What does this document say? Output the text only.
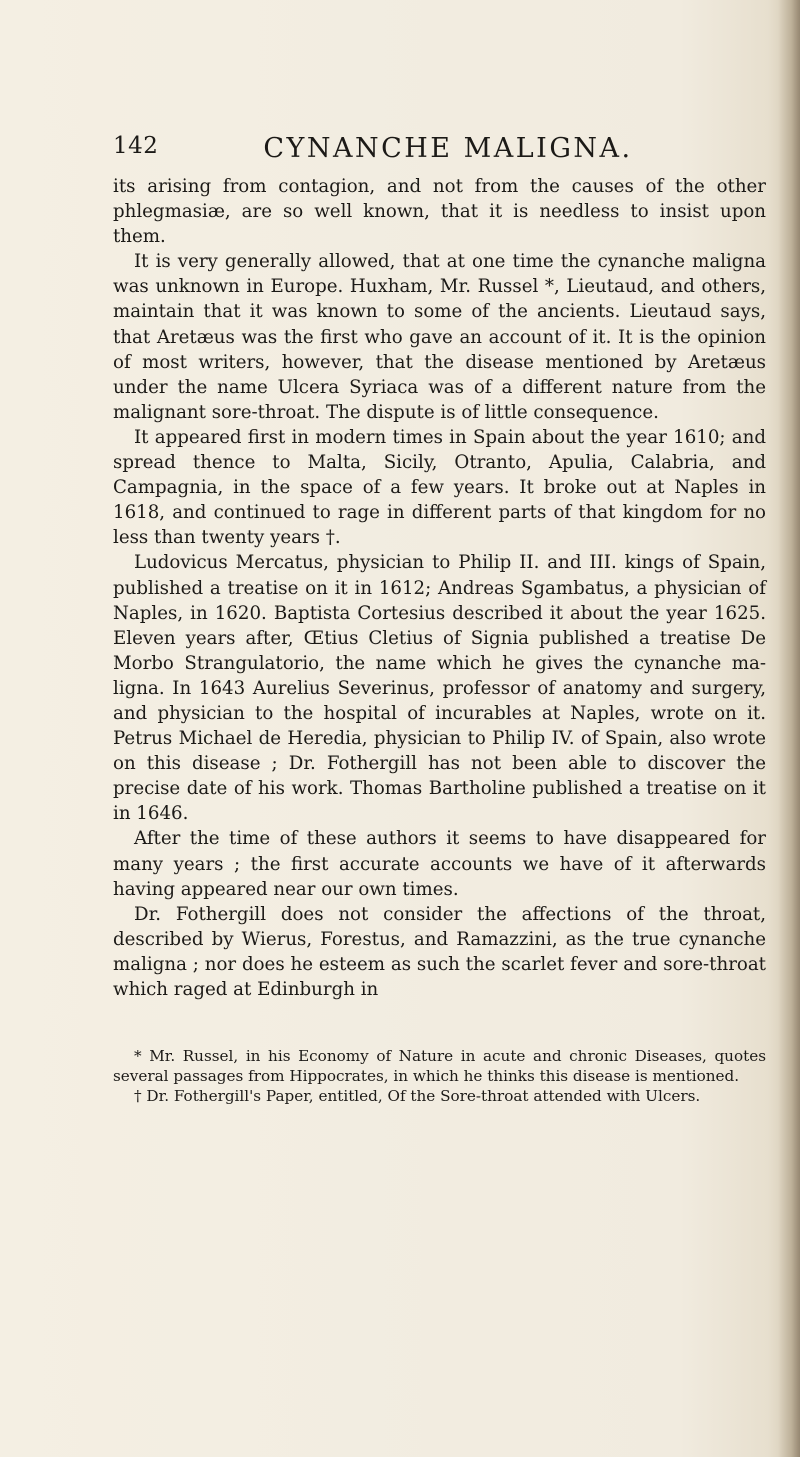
142	CYNANCHE MALIGNA.

its arising from contagion, and not from the causes of the other phlegmasiæ, are so well known, that it is needless to insist upon them.

It is very generally allowed, that at one time the cynanche maligna was unknown in Europe. Huxham, Mr. Russel *, Lieutaud, and others, maintain that it was known to some of the ancients. Lieutaud says, that Aretæus was the first who gave an account of it. It is the opinion of most writers, however, that the disease mentioned by Aretæus under the name Ulcera Syriaca was of a different nature from the malignant sore-throat. The dispute is of little consequence.

It appeared first in modern times in Spain about the year 1610; and spread thence to Malta, Sicily, Otranto, Apulia, Calabria, and Campagnia, in the space of a few years. It broke out at Naples in 1618, and continued to rage in different parts of that kingdom for no less than twenty years †.

Ludovicus Mercatus, physician to Philip II. and III. kings of Spain, published a treatise on it in 1612; Andreas Sgambatus, a physician of Naples, in 1620. Baptista Cortesius described it about the year 1625. Eleven years after, Œtius Cletius of Signia published a treatise De Morbo Strangulatorio, the name which he gives the cynanche maligna. In 1643 Aurelius Severinus, professor of anatomy and surgery, and physician to the hospital of incurables at Naples, wrote on it. Petrus Michael de Heredia, physician to Philip IV. of Spain, also wrote on this disease ; Dr. Fothergill has not been able to discover the precise date of his work. Thomas Bartholine published a treatise on it in 1646.

After the time of these authors it seems to have disappeared for many years ; the first accurate accounts we have of it afterwards having appeared near our own times.

Dr. Fothergill does not consider the affections of the throat, described by Wierus, Forestus, and Ramazzini, as the true cynanche maligna ; nor does he esteem as such the scarlet fever and sore-throat which raged at Edinburgh in

* Mr. Russel, in his Economy of Nature in acute and chronic Diseases, quotes several passages from Hippocrates, in which he thinks this disease is mentioned.

† Dr. Fothergill's Paper, entitled, Of the Sore-throat attended with Ulcers.
